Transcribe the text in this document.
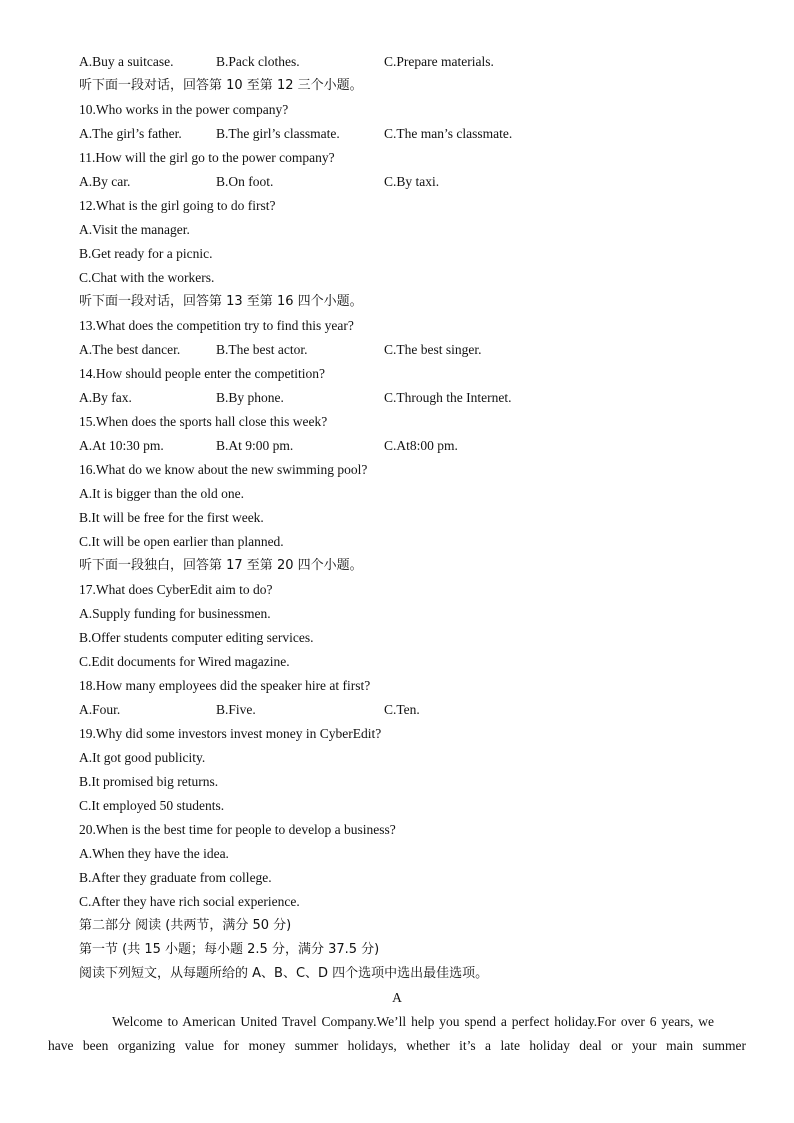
A.Buy a suitcase.	B.Pack clothes.	C.Prepare materials.
听下面一段对话，回答第 10 至第 12 三个小题。
10.Who works in the power company?
A.The girl’s father.	B.The girl’s classmate.	C.The man’s classmate.
11.How will the girl go to the power company?
A.By car.	B.On foot.	C.By taxi.
12.What is the girl going to do first?
A.Visit the manager.
B.Get ready for a picnic.
C.Chat with the workers.
听下面一段对话，回答第 13 至第 16 四个小题。
13.What does the competition try to find this year?
A.The best dancer.	B.The best actor.	C.The best singer.
14.How should people enter the competition?
A.By fax.	B.By phone.	C.Through the Internet.
15.When does the sports hall close this week?
A.At 10:30 pm.	B.At 9:00 pm.	C.At8:00 pm.
16.What do we know about the new swimming pool?
A.It is bigger than the old one.
B.It will be free for the first week.
C.It will be open earlier than planned.
听下面一段独白，回答第 17 至第 20 四个小题。
17.What does CyberEdit aim to do?
A.Supply funding for businessmen.
B.Offer students computer editing services.
C.Edit documents for Wired magazine.
18.How many employees did the speaker hire at first?
A.Four.	B.Five.	C.Ten.
19.Why did some investors invest money in CyberEdit?
A.It got good publicity.
B.It promised big returns.
C.It employed 50 students.
20.When is the best time for people to develop a business?
A.When they have the idea.
B.After they graduate from college.
C.After they have rich social experience.
第二部分 阅读 (共两节，满分 50 分)
第一节 (共 15 小题；每小题 2.5 分，满分 37.5 分)
阅读下列短文，从每题所给的 A、B、C、D 四个选项中选出最佳选项。
A
Welcome to American United Travel Company.We’ll help you spend a perfect holiday.For over 6 years, we
have been organizing value for money summer holidays, whether it’s a late holiday deal or your main summer
